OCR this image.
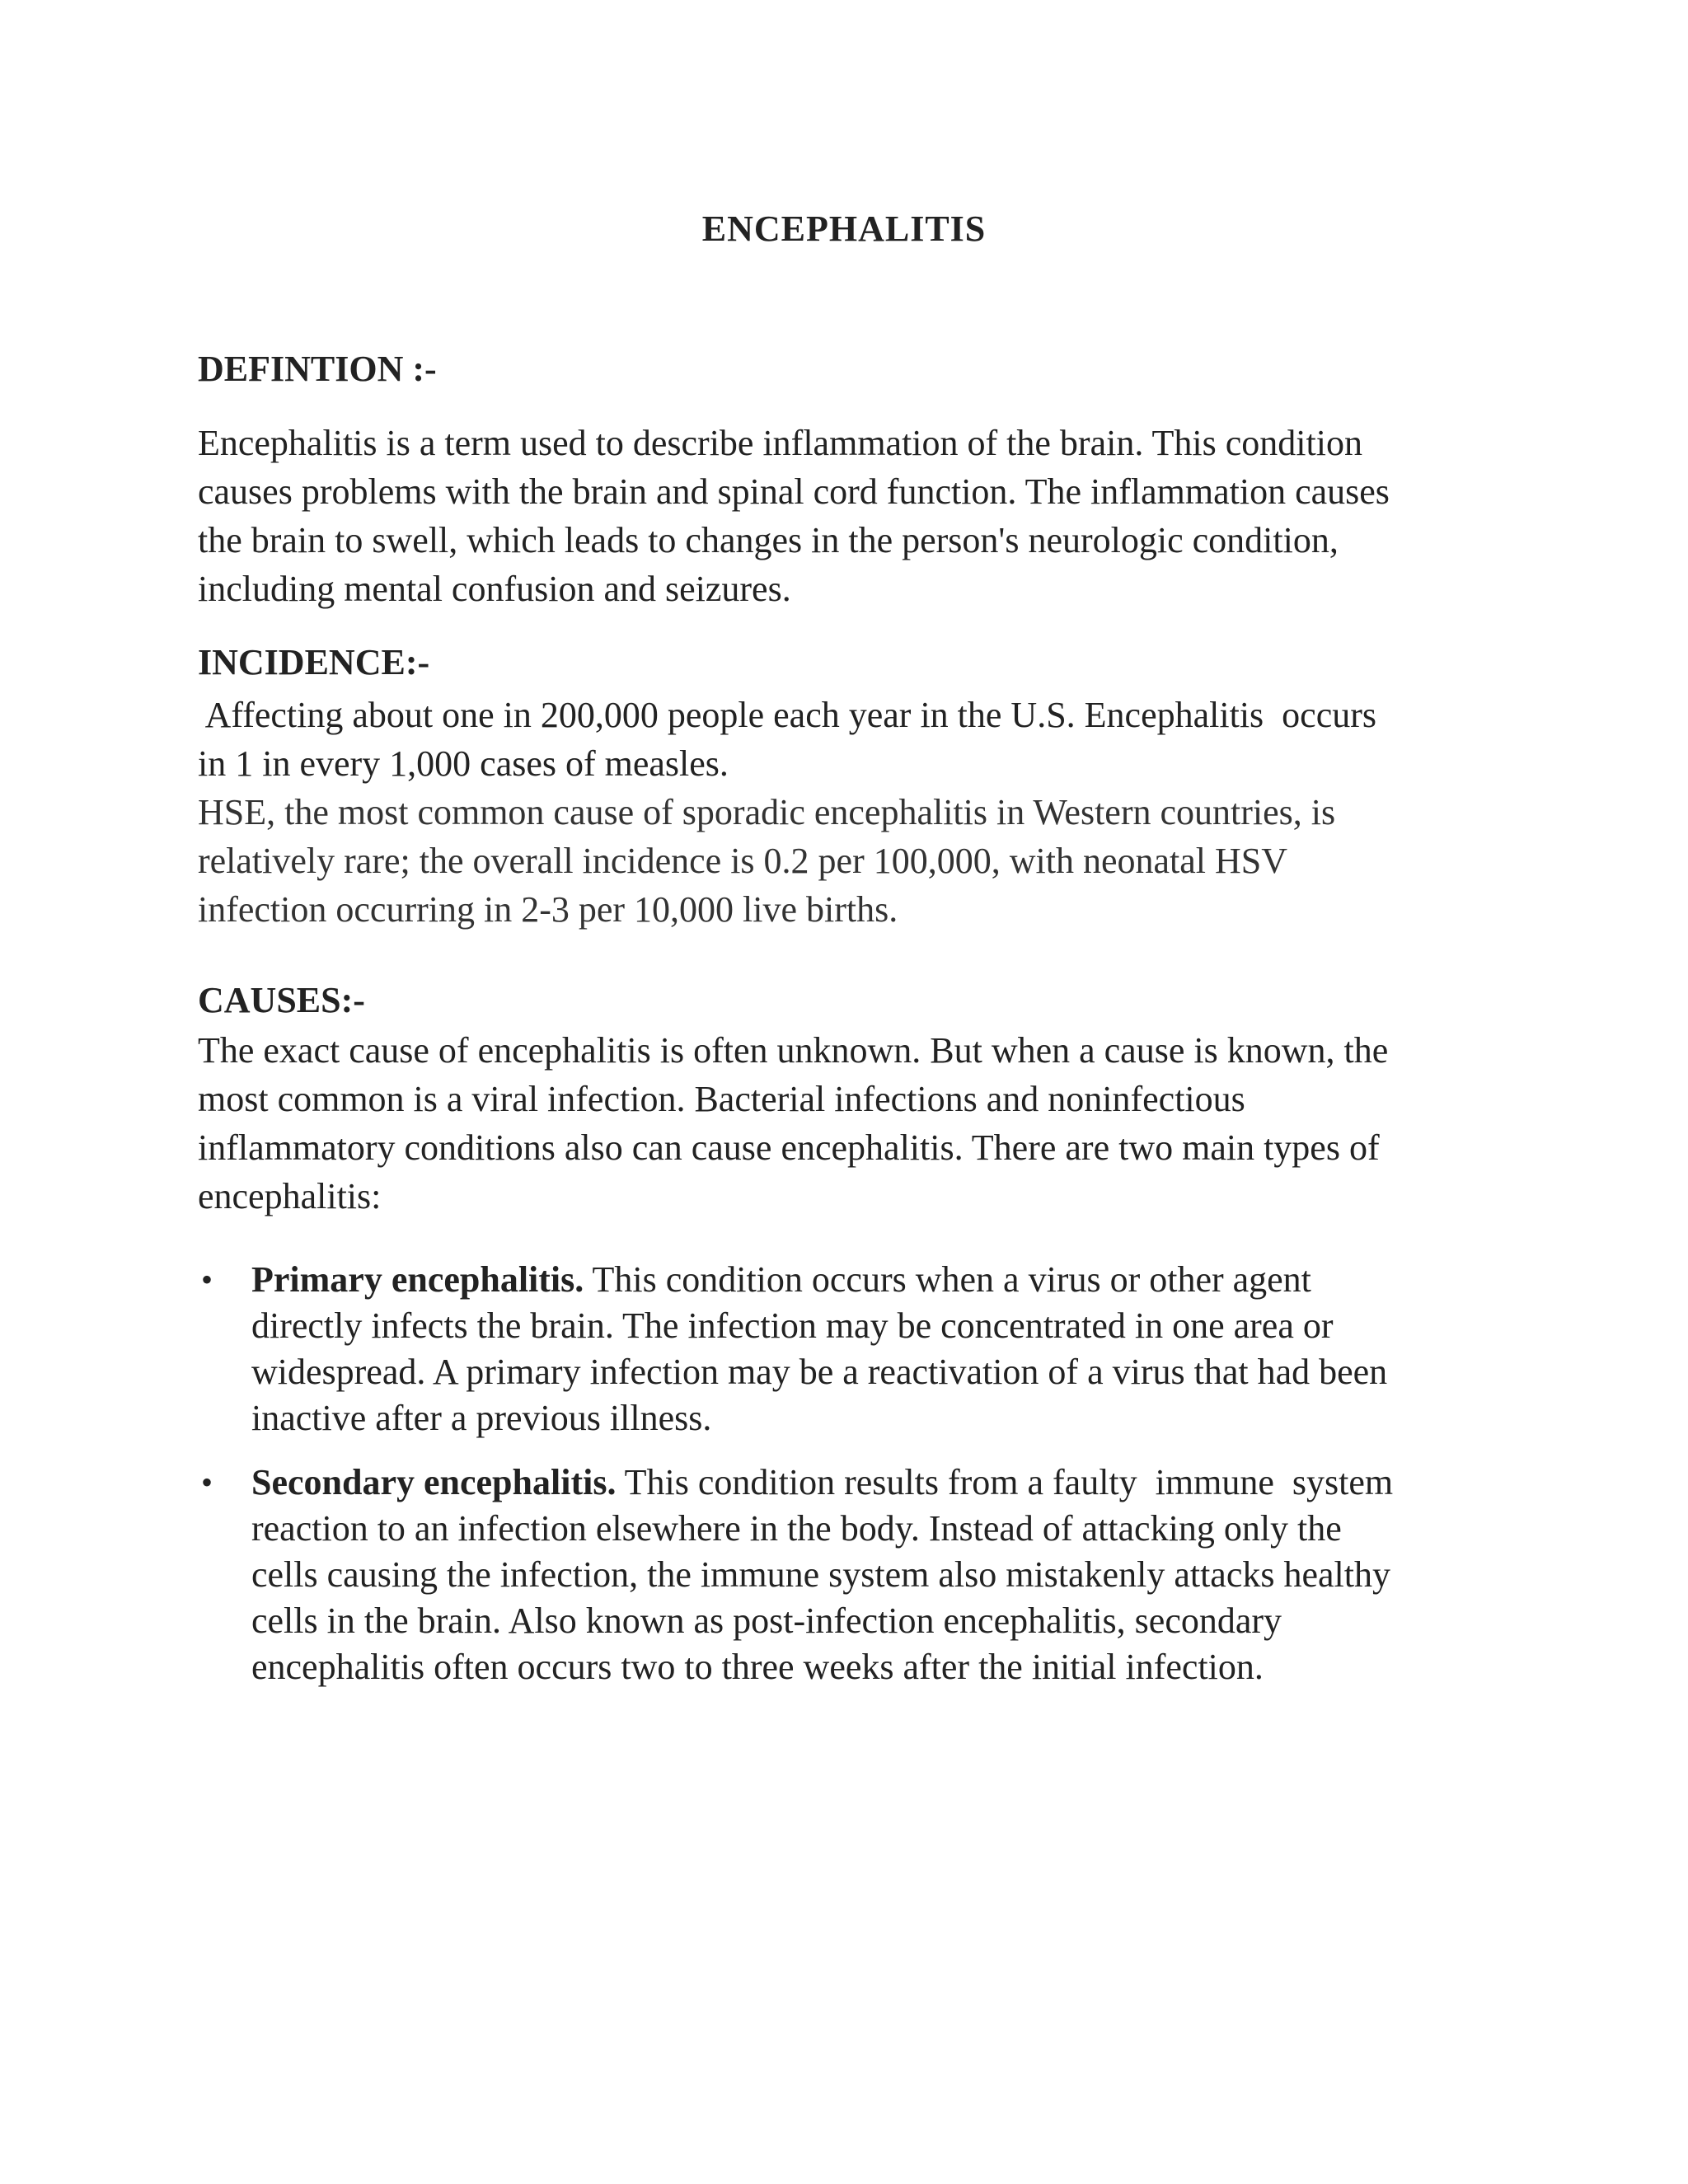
ENCEPHALITIS
DEFINTION :-
Encephalitis is a term used to describe inflammation of the brain. This condition
causes problems with the brain and spinal cord function. The inflammation causes
the brain to swell, which leads to changes in the person's neurologic condition,
including mental confusion and seizures.
INCIDENCE:-
Affecting about one in 200,000 people each year in the U.S. Encephalitis  occurs
in 1 in every 1,000 cases of measles.
HSE, the most common cause of sporadic encephalitis in Western countries, is
relatively rare; the overall incidence is 0.2 per 100,000, with neonatal HSV
infection occurring in 2-3 per 10,000 live births.
CAUSES:-
The exact cause of encephalitis is often unknown. But when a cause is known, the
most common is a viral infection. Bacterial infections and noninfectious
inflammatory conditions also can cause encephalitis. There are two main types of
encephalitis:
• Primary encephalitis. This condition occurs when a virus or other agent
directly infects the brain. The infection may be concentrated in one area or
widespread. A primary infection may be a reactivation of a virus that had been
inactive after a previous illness.
• Secondary encephalitis. This condition results from a faulty  immune  system
reaction to an infection elsewhere in the body. Instead of attacking only the
cells causing the infection, the immune system also mistakenly attacks healthy
cells in the brain. Also known as post-infection encephalitis, secondary
encephalitis often occurs two to three weeks after the initial infection.
